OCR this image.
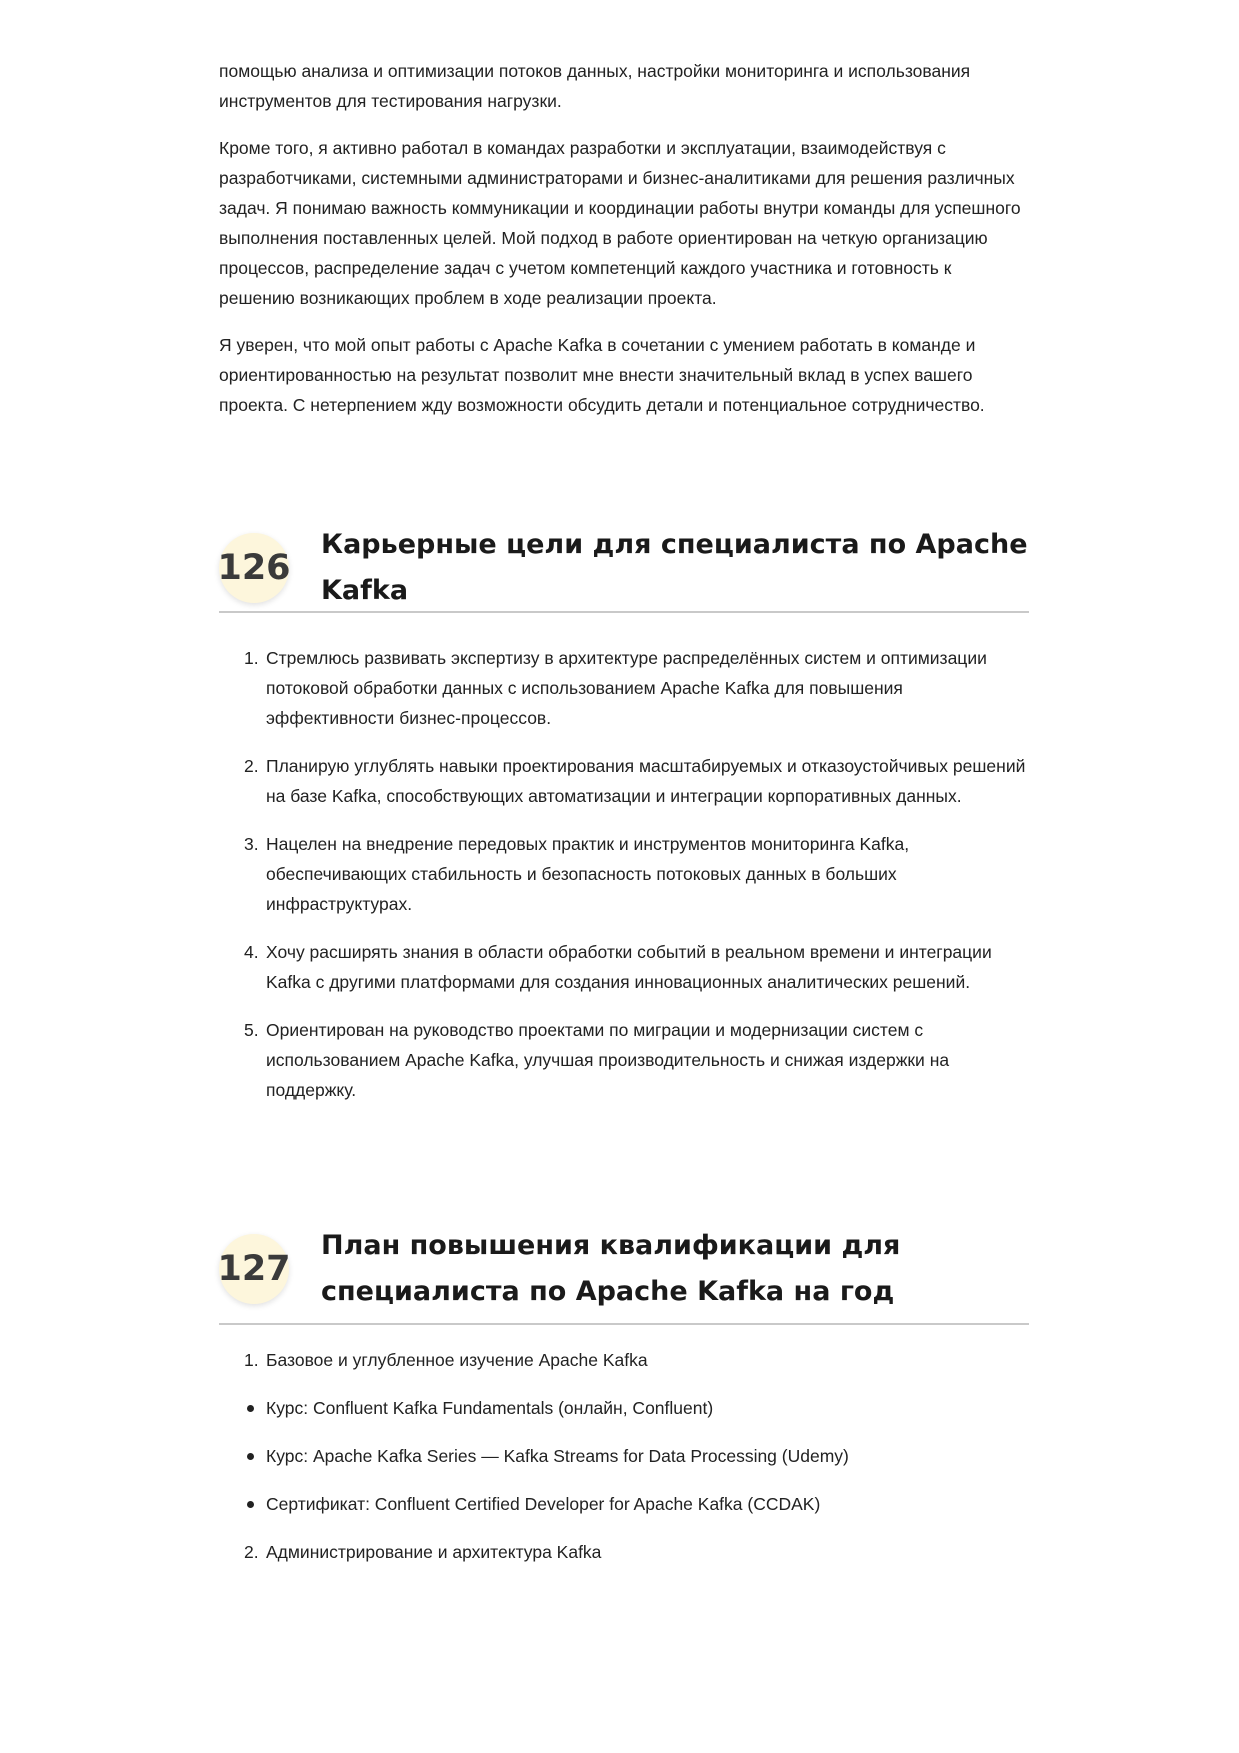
помощью анализа и оптимизации потоков данных, настройки мониторинга и использования инструментов для тестирования нагрузки.

Кроме того, я активно работал в командах разработки и эксплуатации, взаимодействуя с разработчиками, системными администраторами и бизнес-аналитиками для решения различных задач. Я понимаю важность коммуникации и координации работы внутри команды для успешного выполнения поставленных целей. Мой подход в работе ориентирован на четкую организацию процессов, распределение задач с учетом компетенций каждого участника и готовность к решению возникающих проблем в ходе реализации проекта.

Я уверен, что мой опыт работы с Apache Kafka в сочетании с умением работать в команде и ориентированностью на результат позволит мне внести значительный вклад в успех вашего проекта. С нетерпением жду возможности обсудить детали и потенциальное сотрудничество.

126
Карьерные цели для специалиста по Apache Kafka
1. Стремлюсь развивать экспертизу в архитектуре распределённых систем и оптимизации потоковой обработки данных с использованием Apache Kafka для повышения эффективности бизнес-процессов.
2. Планирую углублять навыки проектирования масштабируемых и отказоустойчивых решений на базе Kafka, способствующих автоматизации и интеграции корпоративных данных.
3. Нацелен на внедрение передовых практик и инструментов мониторинга Kafka, обеспечивающих стабильность и безопасность потоковых данных в больших инфраструктурах.
4. Хочу расширять знания в области обработки событий в реальном времени и интеграции Kafka с другими платформами для создания инновационных аналитических решений.
5. Ориентирован на руководство проектами по миграции и модернизации систем с использованием Apache Kafka, улучшая производительность и снижая издержки на поддержку.
127
План повышения квалификации для специалиста по Apache Kafka на год
1. Базовое и углубленное изучение Apache Kafka
Курс: Confluent Kafka Fundamentals (онлайн, Confluent)
Курс: Apache Kafka Series — Kafka Streams for Data Processing (Udemy)
Сертификат: Confluent Certified Developer for Apache Kafka (CCDAK)
2. Администрирование и архитектура Kafka
